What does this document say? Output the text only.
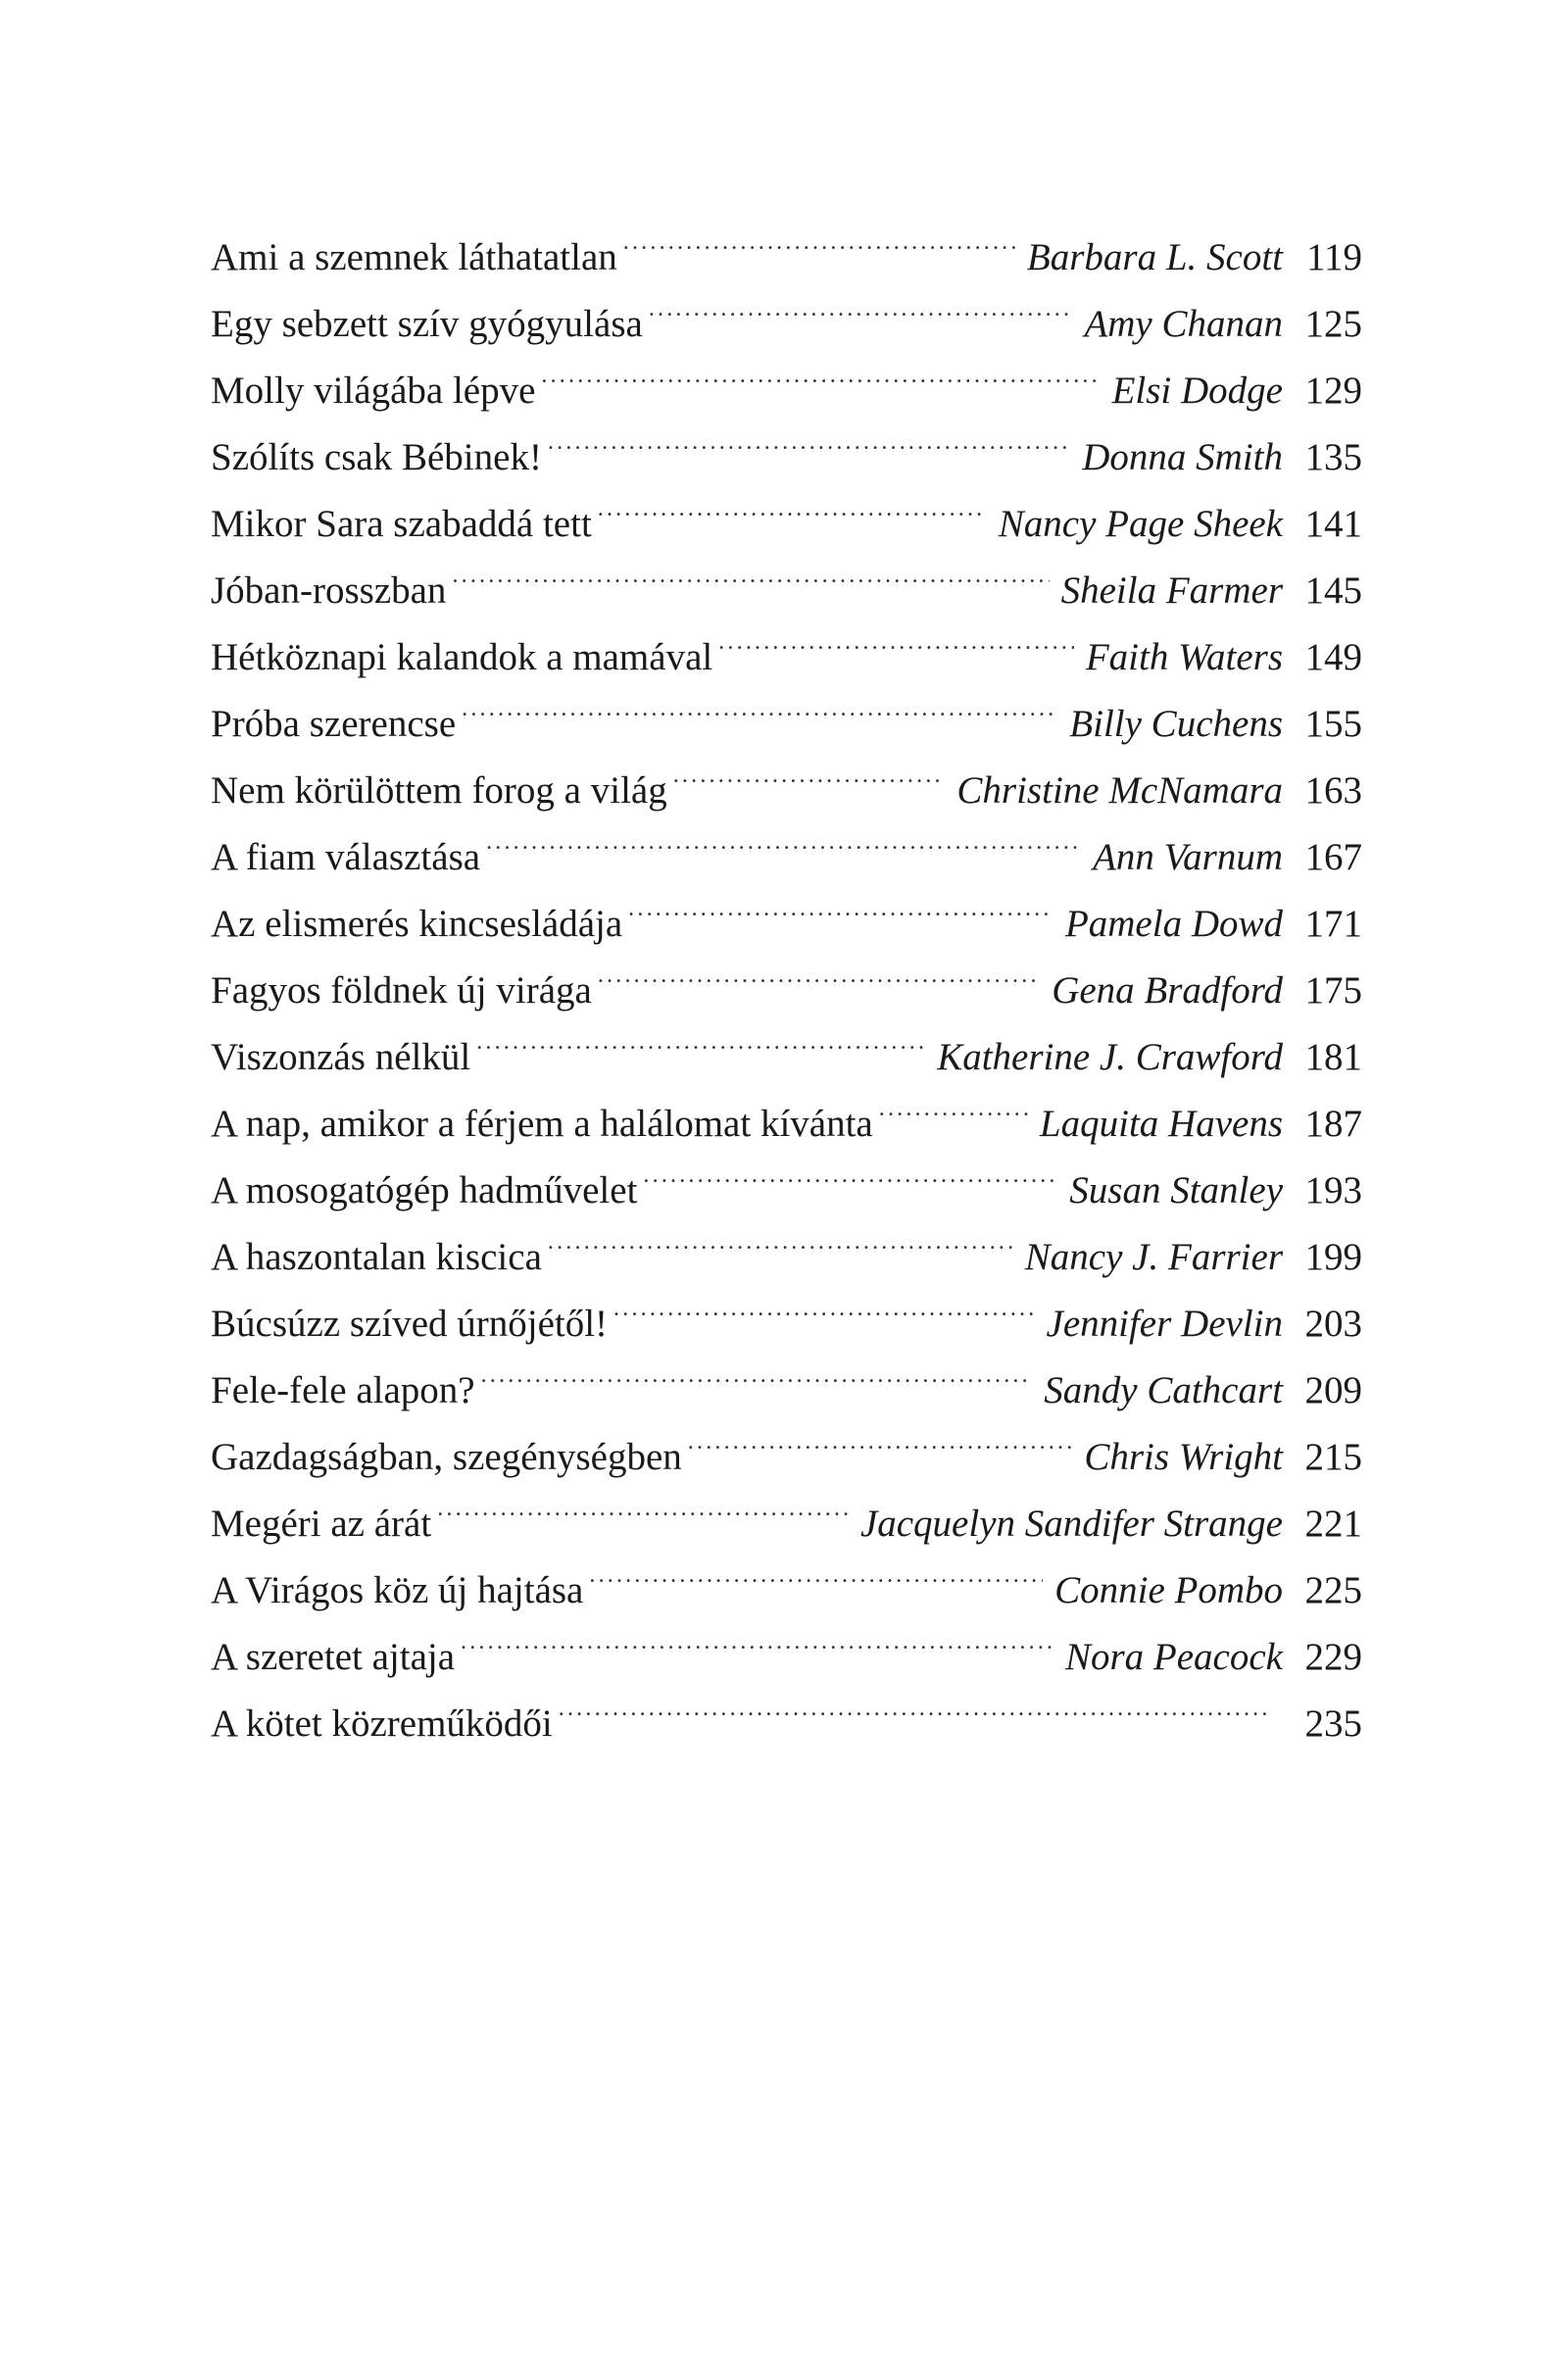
Ami a szemnek láthatatlan .....	Barbara L. Scott 119
Egy sebzett szív gyógyulása .....	Amy Chanan 125
Molly világába lépve .....	Elsi Dodge 129
Szólíts csak Bébinek! .....	Donna Smith 135
Mikor Sara szabaddá tett .....	Nancy Page Sheek 141
Jóban-rosszban .....	Sheila Farmer 145
Hétköznapi kalandok a mamával .....	Faith Waters 149
Próba szerencse .....	Billy Cuchens 155
Nem körülöttem forog a világ .....	Christine McNamara 163
A fiam választása .....	Ann Varnum 167
Az elismerés kincsesládája .....	Pamela Dowd 171
Fagyos földnek új virága .....	Gena Bradford 175
Viszonzás nélkül .....	Katherine J. Crawford 181
A nap, amikor a férjem a halálomat kívánta .....	Laquita Havens 187
A mosogatógép hadművelet .....	Susan Stanley 193
A haszontalan kiscica .....	Nancy J. Farrier 199
Búcsúzz szíved úrnőjétől! .....	Jennifer Devlin 203
Fele-fele alapon? .....	Sandy Cathcart 209
Gazdagságban, szegénységben .....	Chris Wright 215
Megéri az árát .....	Jacquelyn Sandifer Strange 221
A Virágos köz új hajtása .....	Connie Pombo 225
A szeretet ajtaja .....	Nora Peacock 229
A kötet közreműködői .....	235
